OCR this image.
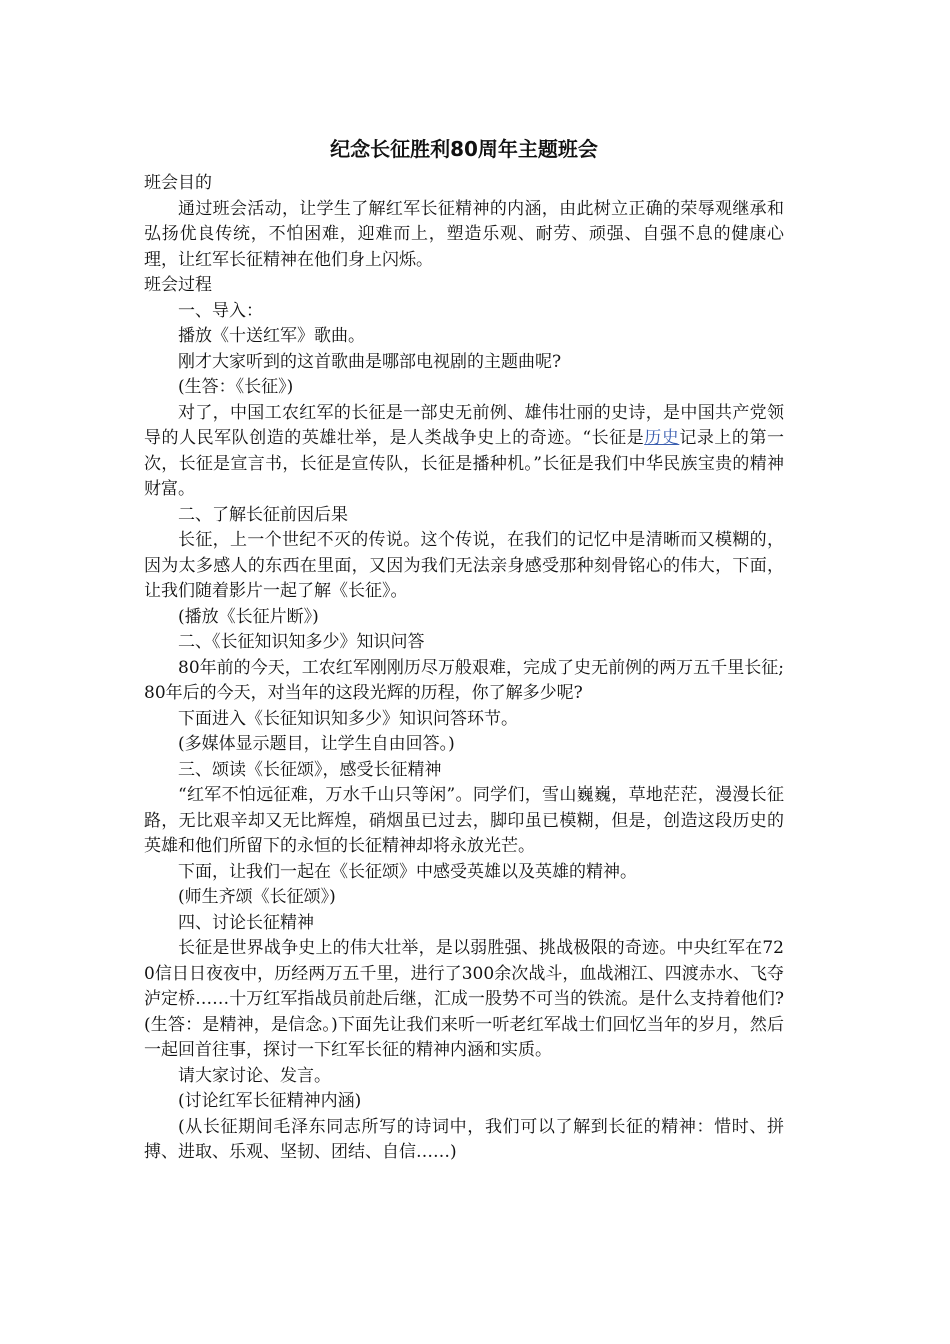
纪念长征胜利80周年主题班会

班会目的

通过班会活动，让学生了解红军长征精神的内涵，由此树立正确的荣辱观继承和弘扬优良传统，不怕困难，迎难而上，塑造乐观、耐劳、顽强、自强不息的健康心理，让红军长征精神在他们身上闪烁。

班会过程

一、导入：

播放《十送红军》歌曲。

刚才大家听到的这首歌曲是哪部电视剧的主题曲呢?

(生答：《长征》)

对了，中国工农红军的长征是一部史无前例、雄伟壮丽的史诗，是中国共产党领导的人民军队创造的英雄壮举，是人类战争史上的奇迹。“长征是历史记录上的第一次，长征是宣言书，长征是宣传队，长征是播种机。”长征是我们中华民族宝贵的精神财富。

二、了解长征前因后果

长征，上一个世纪不灭的传说。这个传说，在我们的记忆中是清晰而又模糊的，因为太多感人的东西在里面，又因为我们无法亲身感受那种刻骨铭心的伟大，下面，让我们随着影片一起了解《长征》。

(播放《长征片断》)

二、《长征知识知多少》知识问答

80年前的今天，工农红军刚刚历尽万般艰难，完成了史无前例的两万五千里长征;80年后的今天，对当年的这段光辉的历程，你了解多少呢?

下面进入《长征知识知多少》知识问答环节。

(多媒体显示题目，让学生自由回答。)

三、颂读《长征颂》，感受长征精神

“红军不怕远征难，万水千山只等闲”。同学们，雪山巍巍，草地茫茫，漫漫长征路，无比艰辛却又无比辉煌，硝烟虽已过去，脚印虽已模糊，但是，创造这段历史的英雄和他们所留下的永恒的长征精神却将永放光芒。

下面，让我们一起在《长征颂》中感受英雄以及英雄的精神。

(师生齐颂《长征颂》)

四、讨论长征精神

长征是世界战争史上的伟大壮举，是以弱胜强、挑战极限的奇迹。中央红军在720信日日夜夜中，历经两万五千里，进行了300余次战斗，血战湘江、四渡赤水、飞夺泸定桥……十万红军指战员前赴后继，汇成一股势不可当的铁流。是什么支持着他们?(生答：是精神，是信念。)下面先让我们来听一听老红军战士们回忆当年的岁月，然后一起回首往事，探讨一下红军长征的精神内涵和实质。

请大家讨论、发言。

(讨论红军长征精神内涵)

(从长征期间毛泽东同志所写的诗词中，我们可以了解到长征的精神：惜时、拼搏、进取、乐观、坚韧、团结、自信……)
